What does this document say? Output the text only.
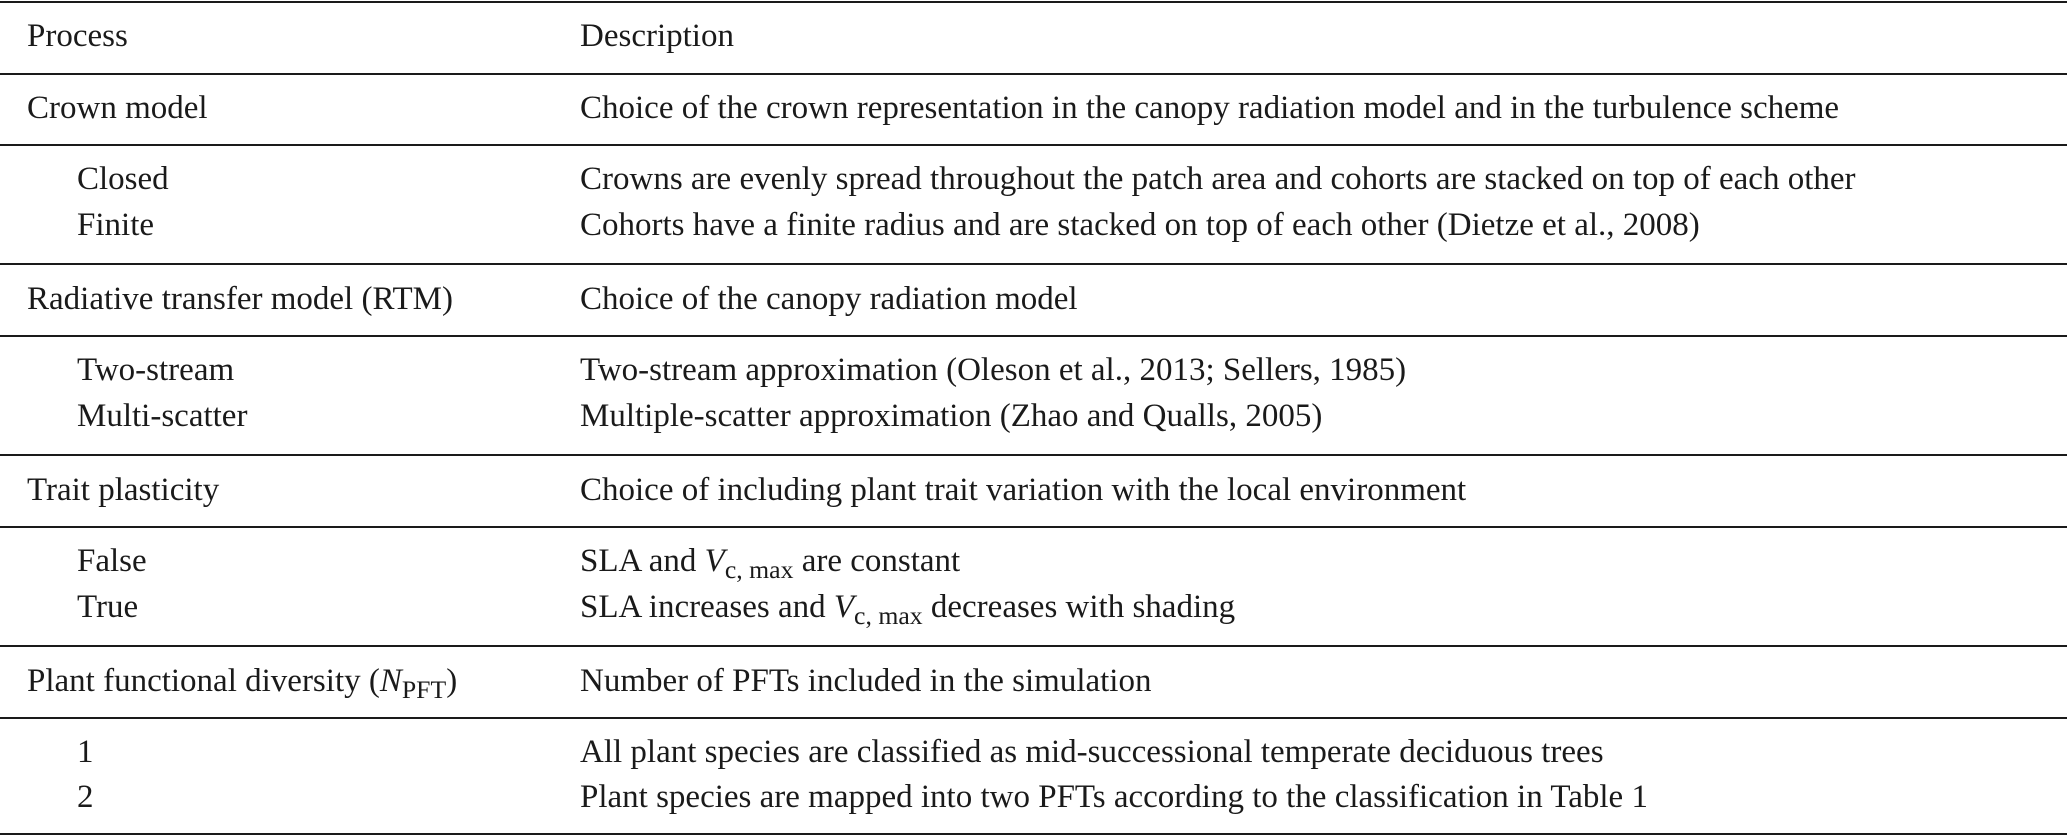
Process	Description
Crown model	Choice of the crown representation in the canopy radiation model and in the turbulence scheme
Closed	Crowns are evenly spread throughout the patch area and cohorts are stacked on top of each other
Finite	Cohorts have a finite radius and are stacked on top of each other (Dietze et al., 2008)
Radiative transfer model (RTM)	Choice of the canopy radiation model
Two-stream	Two-stream approximation (Oleson et al., 2013; Sellers, 1985)
Multi-scatter	Multiple-scatter approximation (Zhao and Qualls, 2005)
Trait plasticity	Choice of including plant trait variation with the local environment
False	SLA and $V_{c, max}$ are constant
True	SLA increases and $V_{c, max}$ decreases with shading
Plant functional diversity $(N_{PFT})$	Number of PFTs included in the simulation
1	All plant species are classified as mid-successional temperate deciduous trees
2	Plant species are mapped into two PFTs according to the classification in Table 1
